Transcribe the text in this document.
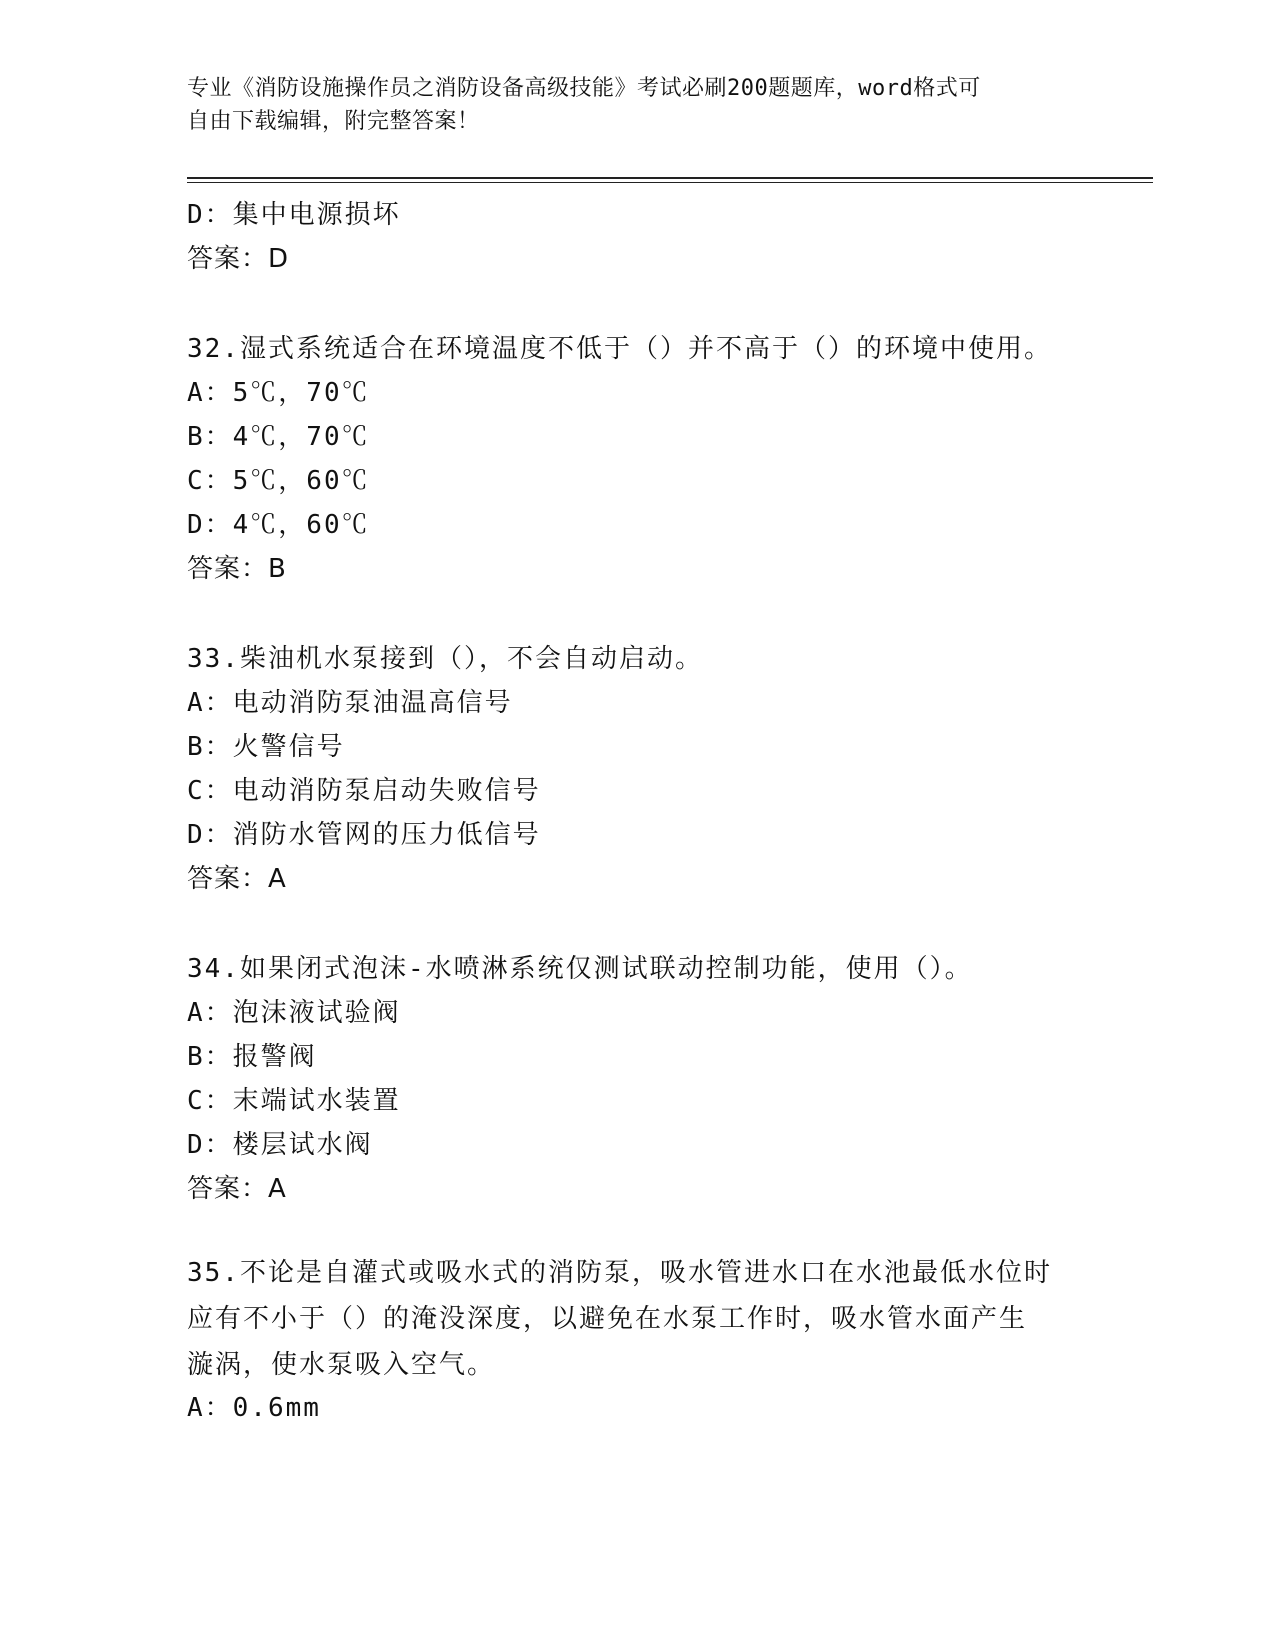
专业《消防设施操作员之消防设备高级技能》考试必刷200题题库，word格式可
自由下载编辑，附完整答案！
D：集中电源损坏
答案：D
32.湿式系统适合在环境温度不低于（）并不高于（）的环境中使用。
A：5℃，70℃
B：4℃，70℃
C：5℃，60℃
D：4℃，60℃
答案：B
33.柴油机水泵接到（），不会自动启动。
A：电动消防泵油温高信号
B：火警信号
C：电动消防泵启动失败信号
D：消防水管网的压力低信号
答案：A
34.如果闭式泡沫-水喷淋系统仅测试联动控制功能，使用（）。
A：泡沫液试验阀
B：报警阀
C：末端试水装置
D：楼层试水阀
答案：A
35.不论是自灌式或吸水式的消防泵，吸水管进水口在水池最低水位时
应有不小于（）的淹没深度，以避免在水泵工作时，吸水管水面产生
漩涡，使水泵吸入空气。
A：0.6mm
